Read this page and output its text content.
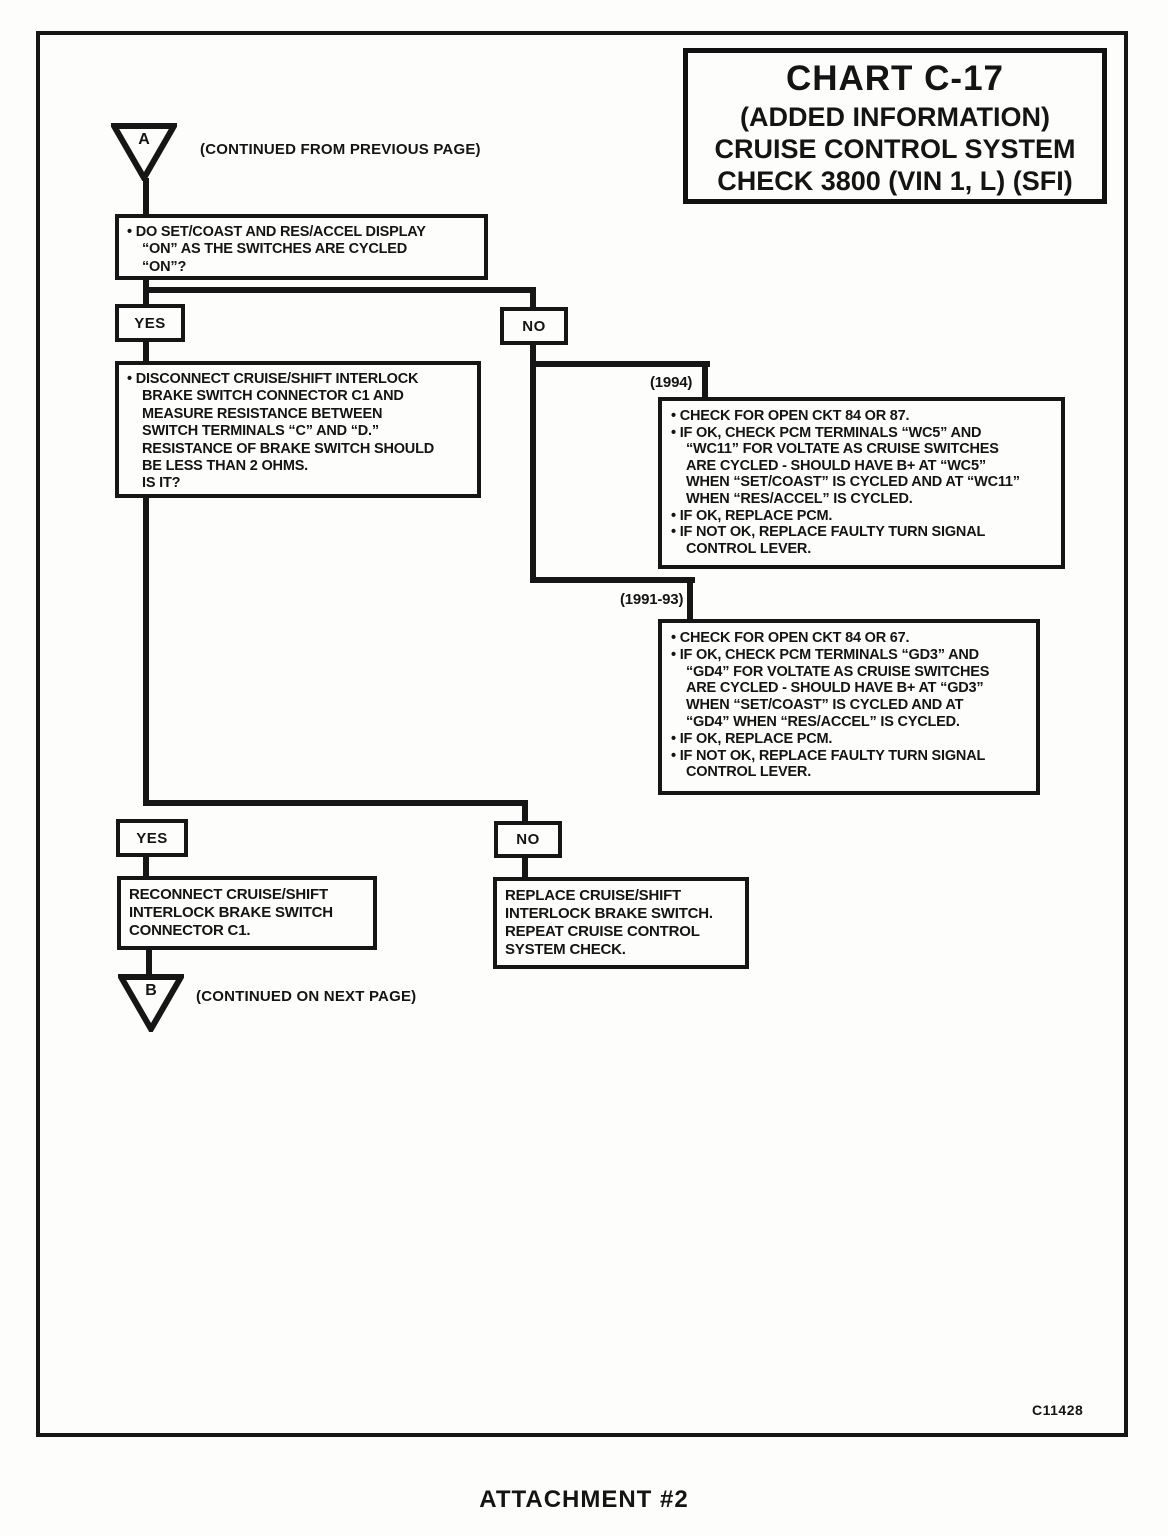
CHART C-17
(ADDED INFORMATION)
CRUISE CONTROL SYSTEM
CHECK 3800 (VIN 1, L) (SFI)
A
(CONTINUED FROM PREVIOUS PAGE)
• DO SET/COAST AND RES/ACCEL DISPLAY
“ON” AS THE SWITCHES ARE CYCLED
“ON”?
YES	NO
• DISCONNECT CRUISE/SHIFT INTERLOCK
BRAKE SWITCH CONNECTOR C1 AND
MEASURE RESISTANCE BETWEEN
SWITCH TERMINALS “C” AND “D.”
RESISTANCE OF BRAKE SWITCH SHOULD
BE LESS THAN 2 OHMS.
IS IT?
(1994)
• CHECK FOR OPEN CKT 84 OR 87.
• IF OK, CHECK PCM TERMINALS “WC5” AND
“WC11” FOR VOLTATE AS CRUISE SWITCHES
ARE CYCLED - SHOULD HAVE B+ AT “WC5”
WHEN “SET/COAST” IS CYCLED AND AT “WC11”
WHEN “RES/ACCEL” IS CYCLED.
• IF OK, REPLACE PCM.
• IF NOT OK, REPLACE FAULTY TURN SIGNAL
CONTROL LEVER.
(1991-93)
• CHECK FOR OPEN CKT 84 OR 67.
• IF OK, CHECK PCM TERMINALS “GD3” AND
“GD4” FOR VOLTATE AS CRUISE SWITCHES
ARE CYCLED - SHOULD HAVE B+ AT “GD3”
WHEN “SET/COAST” IS CYCLED AND AT
“GD4” WHEN “RES/ACCEL” IS CYCLED.
• IF OK, REPLACE PCM.
• IF NOT OK, REPLACE FAULTY TURN SIGNAL
CONTROL LEVER.
YES	NO
RECONNECT CRUISE/SHIFT
INTERLOCK BRAKE SWITCH
CONNECTOR C1.
REPLACE CRUISE/SHIFT
INTERLOCK BRAKE SWITCH.
REPEAT CRUISE CONTROL
SYSTEM CHECK.
B	(CONTINUED ON NEXT PAGE)
C11428
ATTACHMENT #2
